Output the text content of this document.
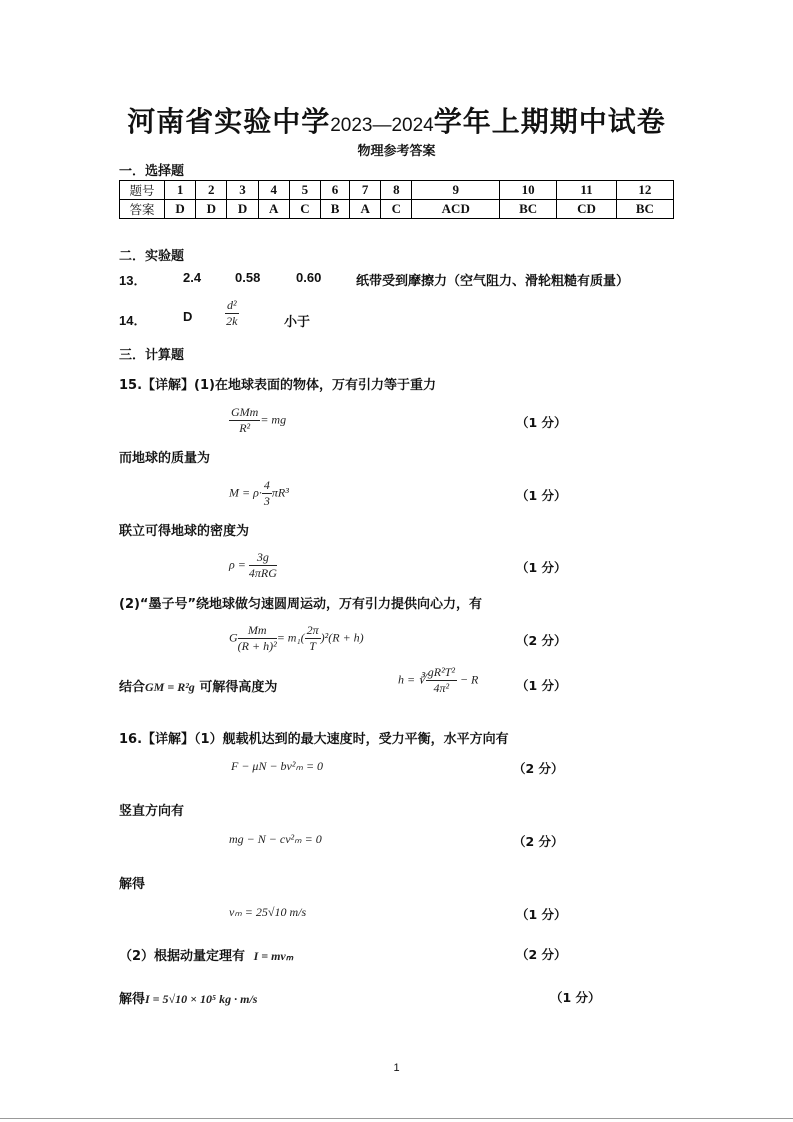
河南省实验中学2023—2024学年上期期中试卷
物理参考答案
一．选择题
题号	1	2	3	4	5	6	7	8	9	10	11	12
答案	D	D	D	A	C	B	A	C	ACD	BC	CD	BC
二．实验题
13．	2.4	0.58	0.60	纸带受到摩擦力（空气阻力、滑轮粗糙有质量）
14．	D	$\frac{\text{d²}}{2k}$	小于
三．计算题
15.【详解】(1)在地球表面的物体，万有引力等于重力
$\frac{\text{GMm}}{\text{R²}}$ = mg	（1 分）
而地球的质量为
$M = \rho\cdot \frac{4}{3} \pi R^3$	（1 分）
联立可得地球的密度为
$\rho = \frac{3g}{\text{4πRG}}$	（1 分）
(2)“墨子号”绕地球做匀速圆周运动，万有引力提供向心力，有
G $\frac{Mm}{\text{(R + h)²}} = m_1( \frac{2\pi}{T} )^2(R + h)$	（2 分）
结合GM = R²g 可解得高度为
h = ∛ $\frac{\text{gR²T²}}{\text{4π²}} - R$	（1 分）
16.【详解】（1）舰载机达到的最大速度时，受力平衡，水平方向有
F − μN − bv²ₘ = 0	（2 分）
竖直方向有
mg − N − cv²ₘ = 0	（2 分）
解得
vₘ = 25√10 m/s	（1 分）
（2）根据动量定理有 I = mvₘ	（2 分）
解得I = 5√10 × 10⁵ kg · m/s	（1 分）
1
